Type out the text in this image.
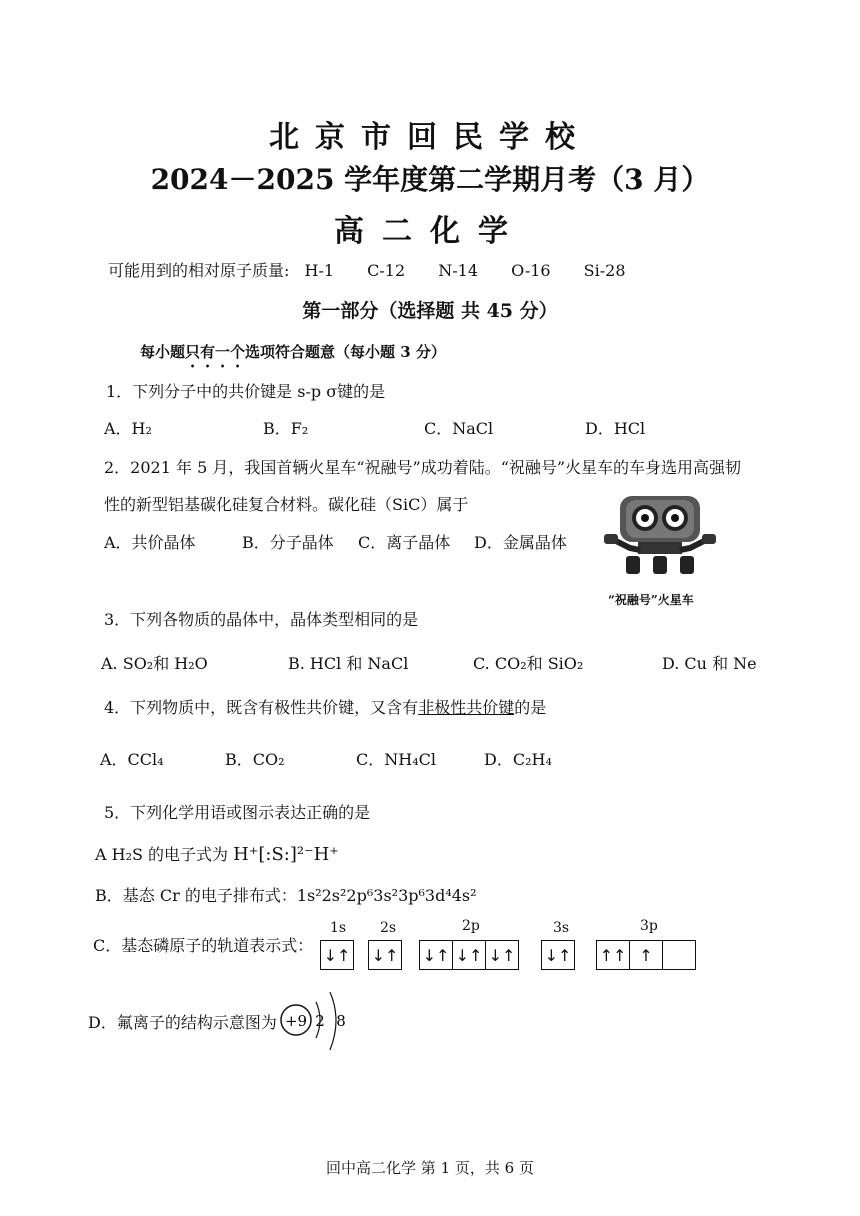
北京市回民学校
2024－2025 学年度第二学期月考（3 月）
高二化学
可能用到的相对原子质量: H-1 C-12 N-14 O-16 Si-28
第一部分（选择题 共 45 分）
每小题只有一个选项符合题意（每小题 3 分）
1．下列分子中的共价键是 s-p σ键的是
A．H₂	B．F₂	C．NaCl	D．HCl
2．2021 年 5 月，我国首辆火星车“祝融号”成功着陆。“祝融号”火星车的车身选用高强韧
性的新型铝基碳化硅复合材料。碳化硅（SiC）属于
A．共价晶体	B．分子晶体 C．离子晶体 D．金属晶体
“祝融号”火星车
3．下列各物质的晶体中，晶体类型相同的是
A. SO₂和 H₂O	B. HCl 和 NaCl	C. CO₂和 SiO₂	D. Cu 和 Ne
4．下列物质中，既含有极性共价键，又含有非极性共价键的是
A．CCl₄	B．CO₂	C．NH₄Cl	D．C₂H₄
5．下列化学用语或图示表达正确的是
A H₂S 的电子式为 H⁺[:S:]²⁻H⁺
B．基态 Cr 的电子排布式：1s²2s²2p⁶3s²3p⁶3d⁴4s²
C．基态磷原子的轨道表示式：
1s 2s	2p	3s	3p
↓↑ ↓↑ ↓↑ ↓↑ ↓↑ ↓↑ ↑↑ ↑
D．氟离子的结构示意图为 +9 2 8
回中高二化学 第 1 页，共 6 页
